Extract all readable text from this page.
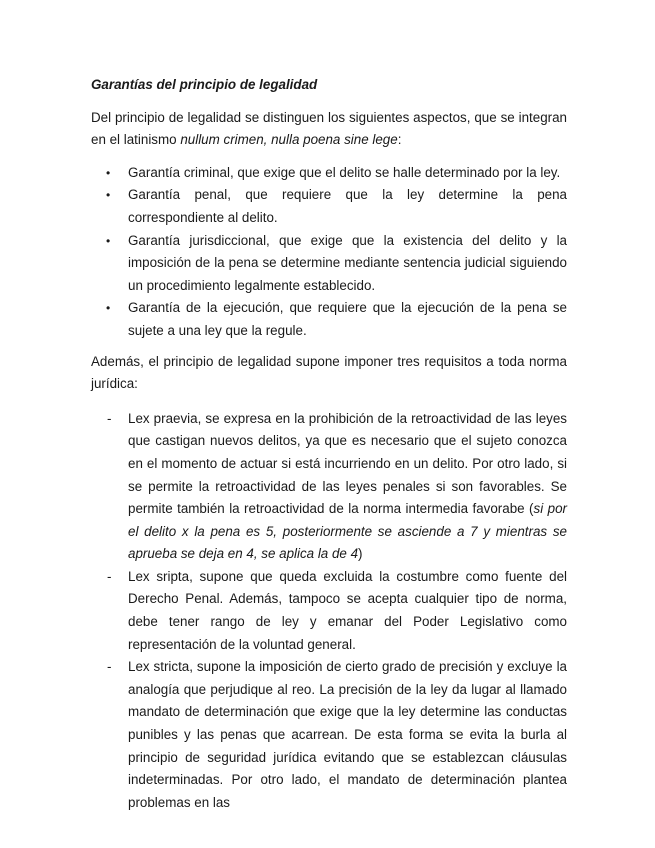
Garantías del principio de legalidad

Del principio de legalidad se distinguen los siguientes aspectos, que se integran en el latinismo nullum crimen, nulla poena sine lege:

• Garantía criminal, que exige que el delito se halle determinado por la ley.
• Garantía penal, que requiere que la ley determine la pena correspondiente al delito.
• Garantía jurisdiccional, que exige que la existencia del delito y la imposición de la pena se determine mediante sentencia judicial siguiendo un procedimiento legalmente establecido.
• Garantía de la ejecución, que requiere que la ejecución de la pena se sujete a una ley que la regule.

Además, el principio de legalidad supone imponer tres requisitos a toda norma jurídica:

- Lex praevia, se expresa en la prohibición de la retroactividad de las leyes que castigan nuevos delitos, ya que es necesario que el sujeto conozca en el momento de actuar si está incurriendo en un delito. Por otro lado, si se permite la retroactividad de las leyes penales si son favorables. Se permite también la retroactividad de la norma intermedia favorabe (si por el delito x la pena es 5, posteriormente se asciende a 7 y mientras se aprueba se deja en 4, se aplica la de 4)
- Lex sripta, supone que queda excluida la costumbre como fuente del Derecho Penal. Además, tampoco se acepta cualquier tipo de norma, debe tener rango de ley y emanar del Poder Legislativo como representación de la voluntad general.
- Lex stricta, supone la imposición de cierto grado de precisión y excluye la analogía que perjudique al reo. La precisión de la ley da lugar al llamado mandato de determinación que exige que la ley determine las conductas punibles y las penas que acarrean. De esta forma se evita la burla al principio de seguridad jurídica evitando que se establezcan cláusulas indeterminadas. Por otro lado, el mandato de determinación plantea problemas en las
